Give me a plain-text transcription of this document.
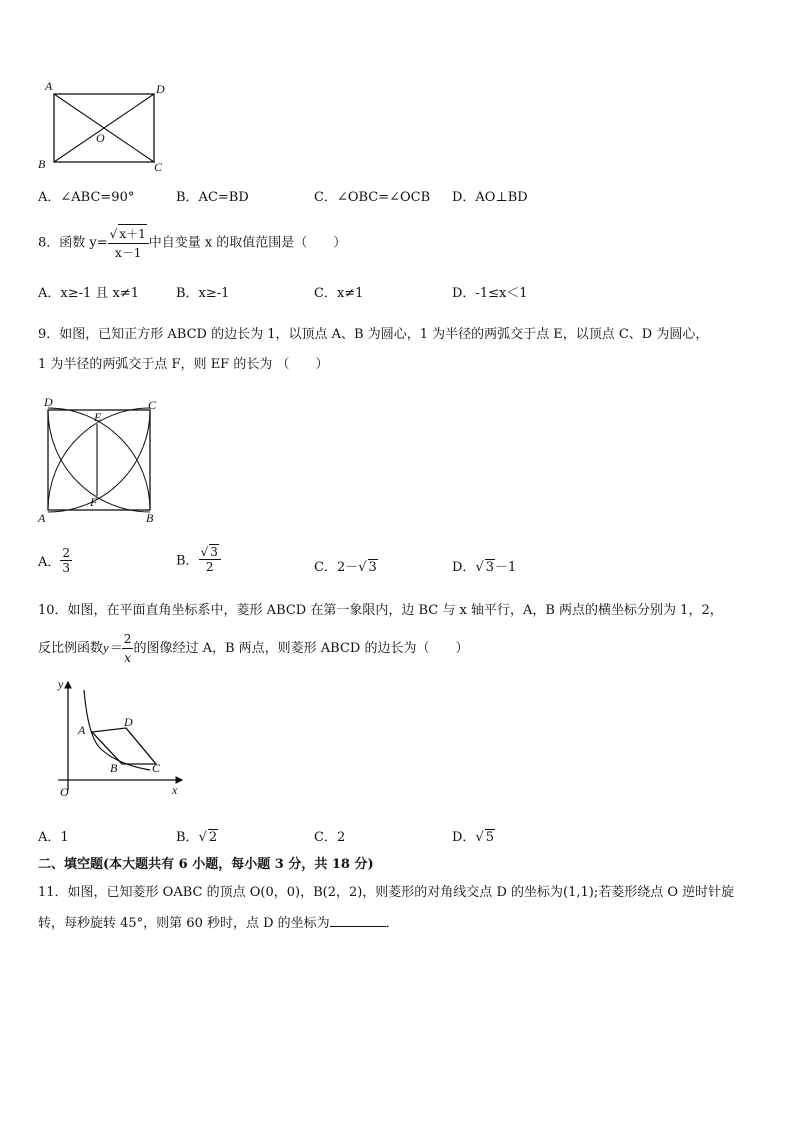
A	D
O
B	C
A．∠ABC=90°	B．AC=BD	C．∠OBC=∠OCB D．AO⊥BD
8．函数 $y= \frac{√ x+1}{x-1}$ 中自变量 x 的取值范围是（　　）
A．x≥-1 且 x≠1	B．x≥-1	C．x≠1	D．-1≤x＜1
9．如图，已知正方形 ABCD 的边长为 1，以顶点 A、B 为圆心，1 为半径的两弧交于点 E，以顶点 C、D 为圆心，
1 为半径的两弧交于点 F，则 EF 的长为 （　　）
D	C
E
F
A	B
A． $\frac{2}{3}$	B． $\frac{√ 3}{2}$	C．2－√ 3	D．√ 3－1
10．如图，在平面直角坐标系中，菱形 ABCD 在第一象限内，边 BC 与 x 轴平行，A，B 两点的横坐标分别为 1，2，
反比例函数$y= \frac{2}{x}$ 的图像经过 A，B 两点，则菱形 ABCD 的边长为（　　）
y
x
O
A
D
B	C
A．1	B．√ 2	C．2	D．√ 5
二、填空题(本大题共有 6 小题，每小题 3 分，共 18 分)
11．如图，已知菱形 OABC 的顶点 O(0，0)，B(2，2)，则菱形的对角线交点 D 的坐标为(1,1);若菱形绕点 O 逆时针旋
转，每秒旋转 45°，则第 60 秒时，点 D 的坐标为	．
